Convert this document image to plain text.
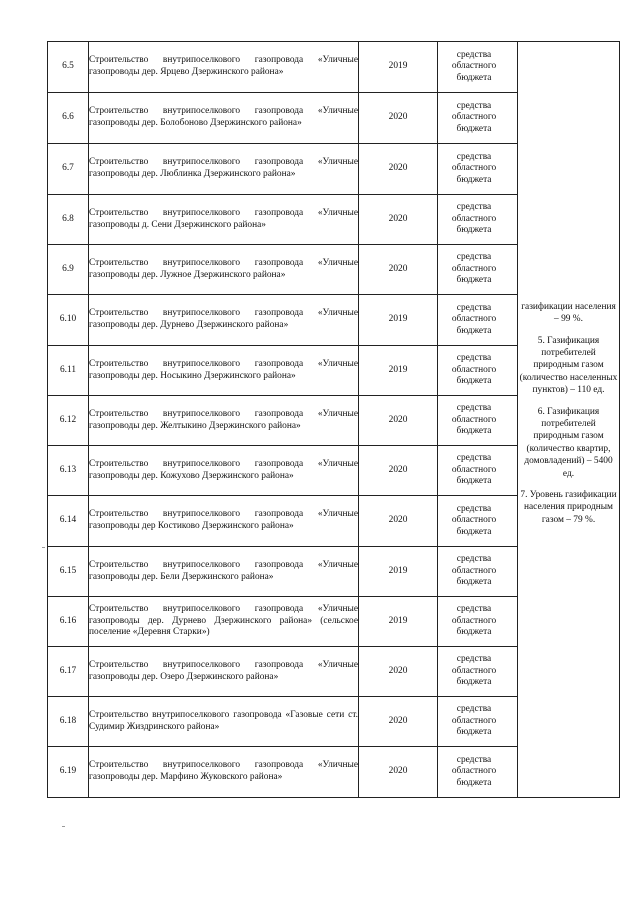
6.5	Строительство внутрипоселкового газопровода «Уличные газопроводы дер. Ярцево Дзержинского района»	2019	средства областного бюджета	газификации населения – 99 %.
5. Газификация потребителей природным газом (количество населенных пунктов) – 110 ед.
6. Газификация потребителей природным газом (количество квартир, домовладений) – 5400 ед.
7. Уровень газификации населения природным газом – 79 %.

6.6	Строительство внутрипоселкового газопровода «Уличные газопроводы дер. Болобоново Дзержинского района»	2020	средства областного бюджета	

6.7	Строительство внутрипоселкового газопровода «Уличные газопроводы дер. Люблинка Дзержинского района»	2020	средства областного бюджета	

6.8	Строительство внутрипоселкового газопровода «Уличные газопроводы д. Сени Дзержинского района»	2020	средства областного бюджета	

6.9	Строительство внутрипоселкового газопровода «Уличные газопроводы дер. Лужное Дзержинского района»	2020	средства областного бюджета	

6.10	Строительство внутрипоселкового газопровода «Уличные газопроводы дер. Дурнево Дзержинского района»	2019	средства областного бюджета	

6.11	Строительство внутрипоселкового газопровода «Уличные газопроводы дер. Носыкино Дзержинского района»	2019	средства областного бюджета	

6.12	Строительство внутрипоселкового газопровода «Уличные газопроводы дер. Желтыкино Дзержинского района»	2020	средства областного бюджета	

6.13	Строительство внутрипоселкового газопровода «Уличные газопроводы дер. Кожухово Дзержинского района»	2020	средства областного бюджета	

6.14	Строительство внутрипоселкового газопровода «Уличные газопроводы дер Костиково Дзержинского района»	2020	средства областного бюджета	

6.15	Строительство внутрипоселкового газопровода «Уличные газопроводы дер. Бели Дзержинского района»	2019	средства областного бюджета	

6.16	Строительство внутрипоселкового газопровода «Уличные газопроводы дер. Дурнево Дзержинского района» (сельское поселение «Деревня Старки»)	2019	средства областного бюджета	

6.17	Строительство внутрипоселкового газопровода «Уличные газопроводы дер. Озеро Дзержинского района»	2020	средства областного бюджета	

6.18	Строительство внутрипоселкового газопровода «Газовые сети ст. Судимир Жиздринского района»	2020	средства областного бюджета	

6.19	Строительство внутрипоселкового газопровода «Уличные газопроводы дер. Марфино Жуковского района»	2020	средства областного бюджета	
